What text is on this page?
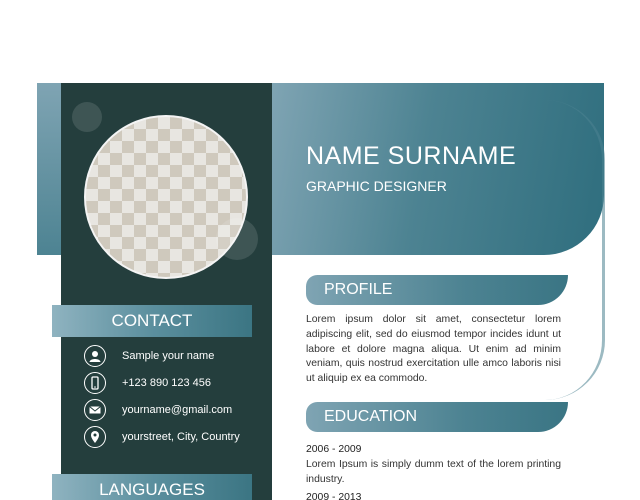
NAME SURNAME
GRAPHIC DESIGNER
CONTACT
Sample your name
+123 890 123 456
yourname@gmail.com
yourstreet, City, Country
LANGUAGES
PROFILE
Lorem ipsum dolor sit amet, consectetur lorem adipiscing elit, sed do eiusmod tempor incides idunt ut labore et dolore magna aliqua. Ut enim ad minim veniam, quis nostrud exercitation ulle amco laboris nisi ut aliquip ex ea commodo.
EDUCATION
2006 - 2009
Lorem Ipsum is simply dumm text of the lorem printing industry.
2009 - 2013
